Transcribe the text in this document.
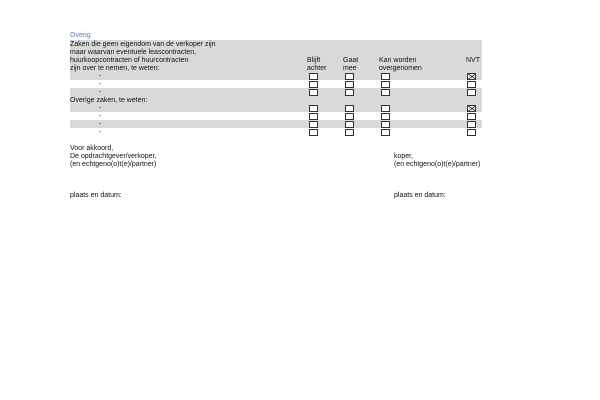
Overig
Zaken die geen eigendom van de verkoper zijn
maar waarvan eventuele leascontracten,
huurkoopcontracten of huurcontracten
zijn over te nemen, te weten:
Blijft
achter
Gaat
mee
Kan worden
overgenomen
NVT
-
-
-
Overige zaken, te weten:
-
-
-
-
Voor akkoord,
De opdrachtgever/verkoper,
(en echtgeno(o)t(e)/partner)
koper,
(en echtgeno(o)t(e)/partner)
plaats en datum:	plaats en datum:
